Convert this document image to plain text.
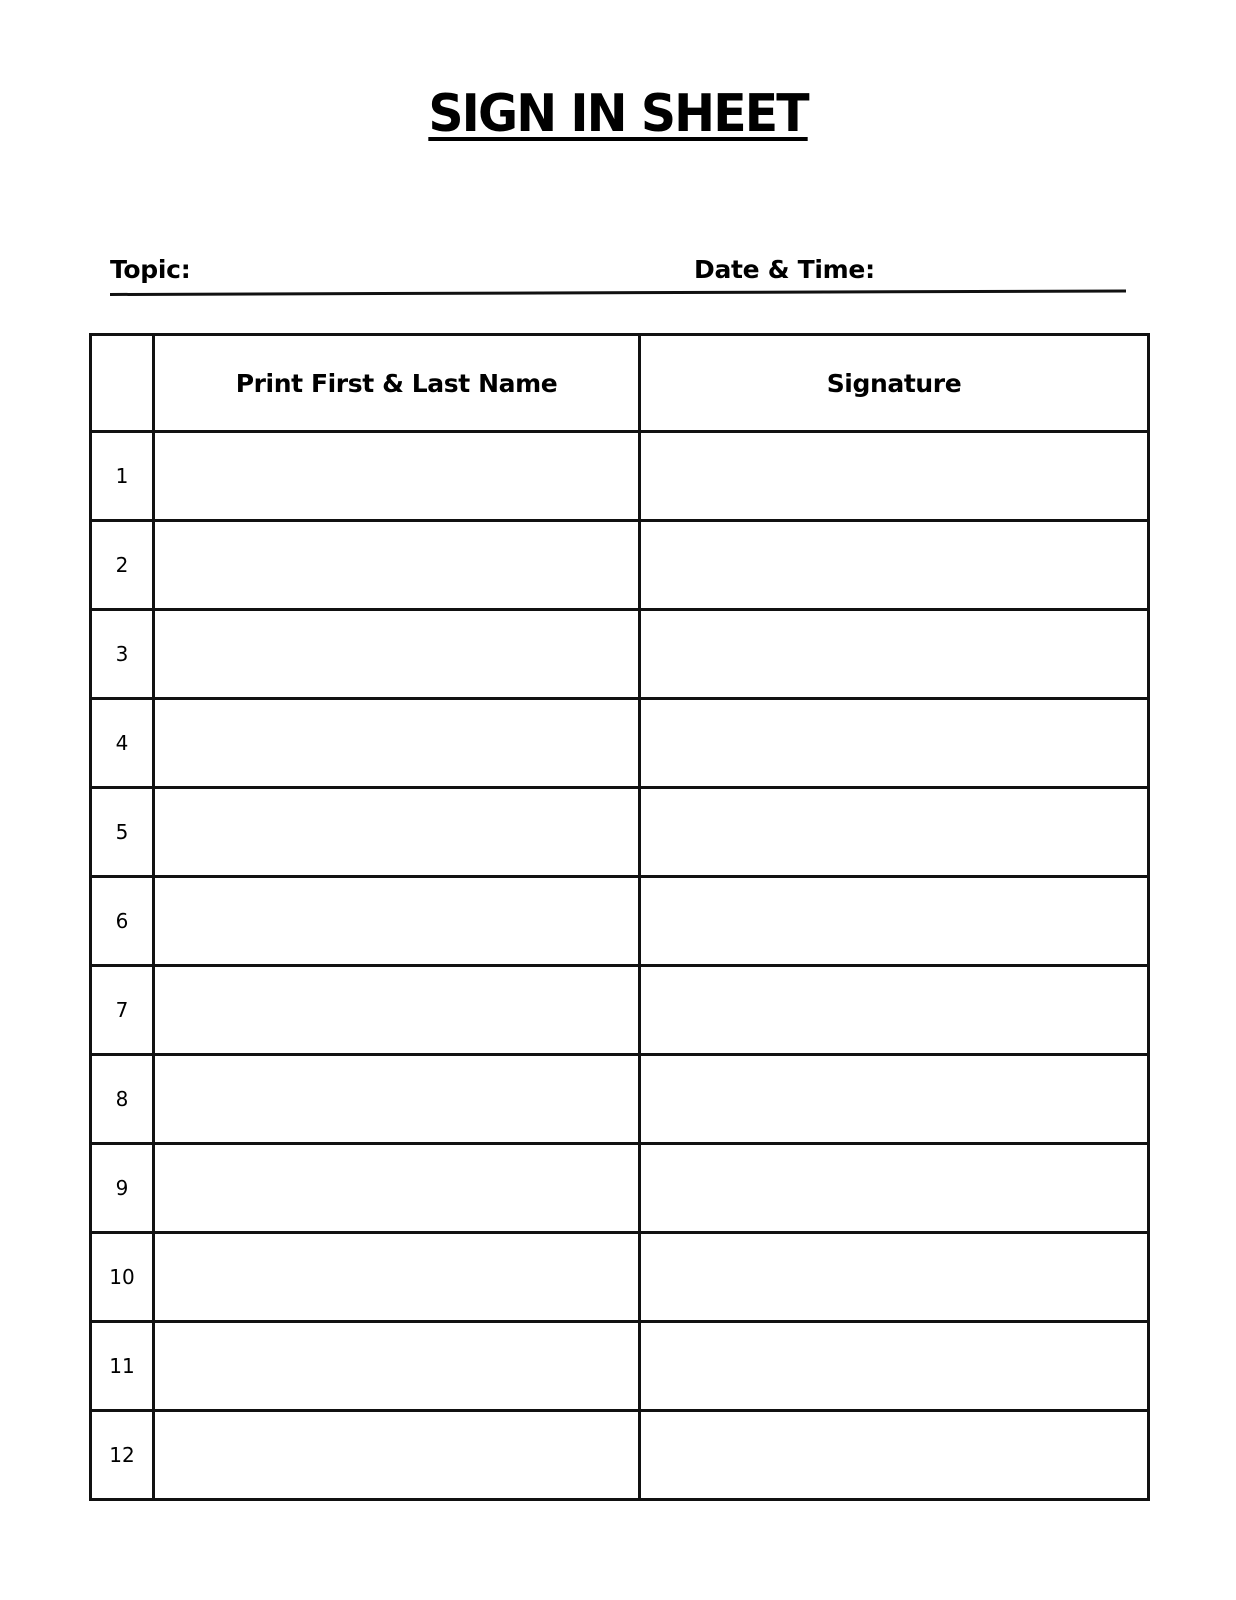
SIGN IN SHEET
Topic:	Date & Time:
	Print First & Last Name	Signature
1		
2		
3		
4		
5		
6		
7		
8		
9		
10		
11		
12		
